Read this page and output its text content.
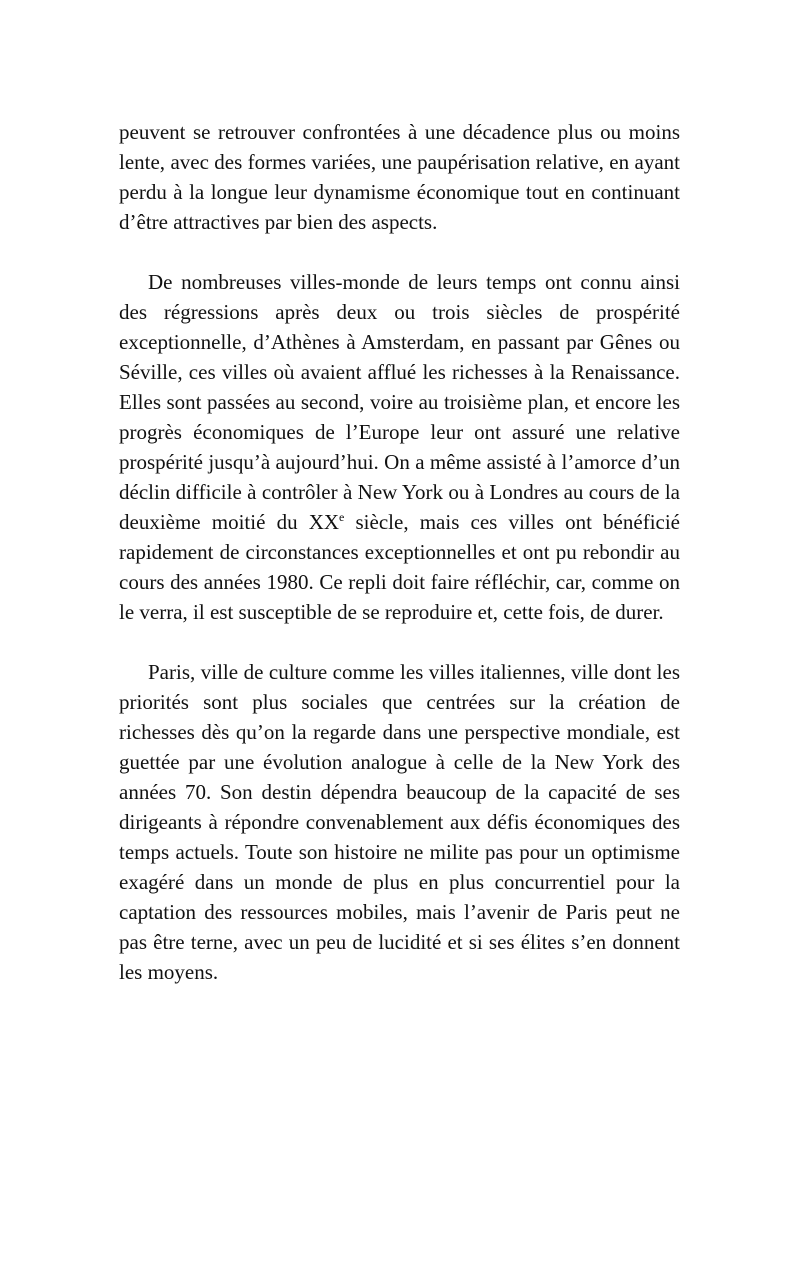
peuvent se retrouver confrontées à une décadence plus ou moins lente, avec des formes variées, une paupérisation relative, en ayant perdu à la longue leur dynamisme économique tout en continuant d’être attractives par bien des aspects.

De nombreuses villes-monde de leurs temps ont connu ainsi des régressions après deux ou trois siècles de prospérité exceptionnelle, d’Athènes à Amsterdam, en passant par Gênes ou Séville, ces villes où avaient afflué les richesses à la Renaissance. Elles sont passées au second, voire au troisième plan, et encore les progrès économiques de l’Europe leur ont assuré une relative prospérité jusqu’à aujourd’hui. On a même assisté à l’amorce d’un déclin difficile à contrôler à New York ou à Londres au cours de la deuxième moitié du XXe siècle, mais ces villes ont bénéficié rapidement de circonstances exceptionnelles et ont pu rebondir au cours des années 1980. Ce repli doit faire réfléchir, car, comme on le verra, il est susceptible de se reproduire et, cette fois, de durer.

Paris, ville de culture comme les villes italiennes, ville dont les priorités sont plus sociales que centrées sur la création de richesses dès qu’on la regarde dans une perspective mondiale, est guettée par une évolution analogue à celle de la New York des années 70. Son destin dépendra beaucoup de la capacité de ses dirigeants à répondre convenablement aux défis économiques des temps actuels. Toute son histoire ne milite pas pour un optimisme exagéré dans un monde de plus en plus concurrentiel pour la captation des ressources mobiles, mais l’avenir de Paris peut ne pas être terne, avec un peu de lucidité et si ses élites s’en donnent les moyens.
